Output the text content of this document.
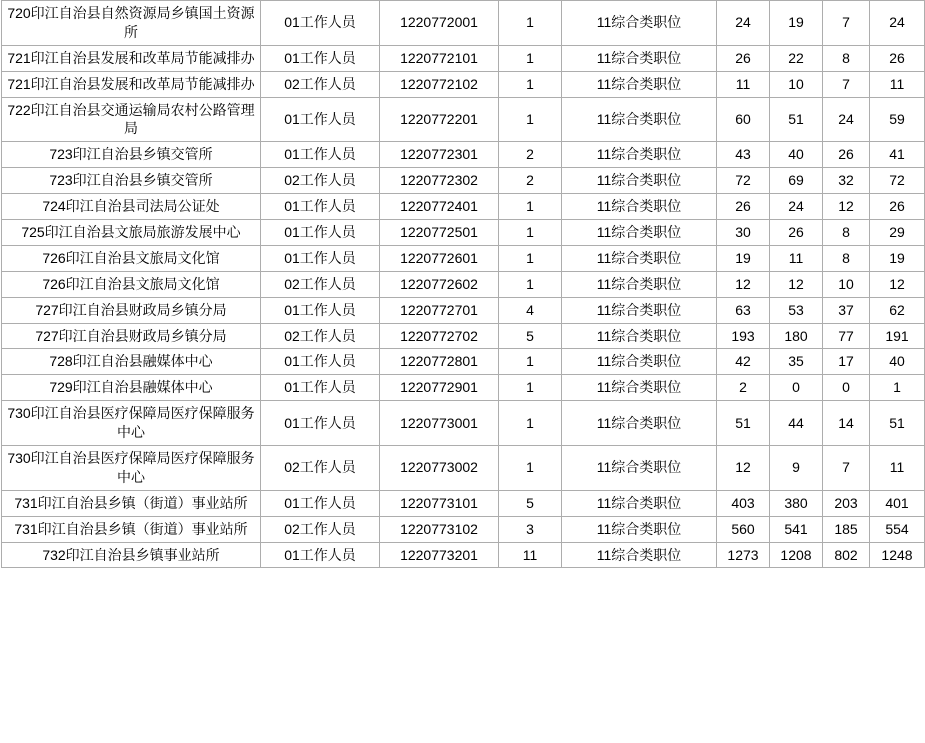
720印江自治县自然资源局乡镇国土资源所	01工作人员	1220772001	1	11综合类职位	24	19	7	24
721印江自治县发展和改革局节能减排办	01工作人员	1220772101	1	11综合类职位	26	22	8	26
721印江自治县发展和改革局节能减排办	02工作人员	1220772102	1	11综合类职位	11	10	7	11
722印江自治县交通运输局农村公路管理局	01工作人员	1220772201	1	11综合类职位	60	51	24	59
723印江自治县乡镇交管所	01工作人员	1220772301	2	11综合类职位	43	40	26	41
723印江自治县乡镇交管所	02工作人员	1220772302	2	11综合类职位	72	69	32	72
724印江自治县司法局公证处	01工作人员	1220772401	1	11综合类职位	26	24	12	26
725印江自治县文旅局旅游发展中心	01工作人员	1220772501	1	11综合类职位	30	26	8	29
726印江自治县文旅局文化馆	01工作人员	1220772601	1	11综合类职位	19	11	8	19
726印江自治县文旅局文化馆	02工作人员	1220772602	1	11综合类职位	12	12	10	12
727印江自治县财政局乡镇分局	01工作人员	1220772701	4	11综合类职位	63	53	37	62
727印江自治县财政局乡镇分局	02工作人员	1220772702	5	11综合类职位	193	180	77	191
728印江自治县融媒体中心	01工作人员	1220772801	1	11综合类职位	42	35	17	40
729印江自治县融媒体中心	01工作人员	1220772901	1	11综合类职位	2	0	0	1
730印江自治县医疗保障局医疗保障服务中心	01工作人员	1220773001	1	11综合类职位	51	44	14	51
730印江自治县医疗保障局医疗保障服务中心	02工作人员	1220773002	1	11综合类职位	12	9	7	11
731印江自治县乡镇（街道）事业站所	01工作人员	1220773101	5	11综合类职位	403	380	203	401
731印江自治县乡镇（街道）事业站所	02工作人员	1220773102	3	11综合类职位	560	541	185	554
732印江自治县乡镇事业站所	01工作人员	1220773201	11	11综合类职位	1273	1208	802	1248
